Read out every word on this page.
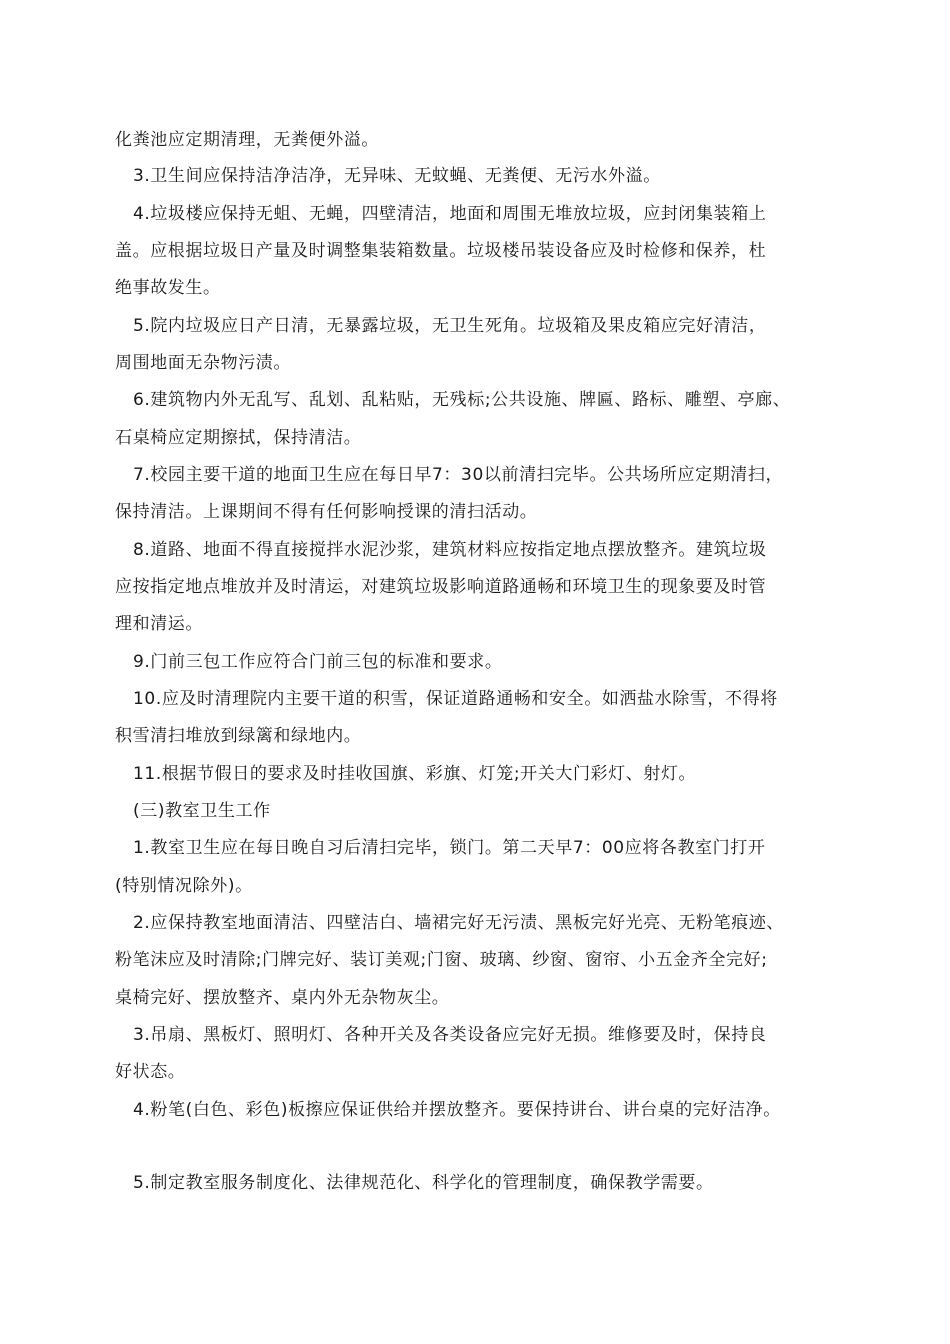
化粪池应定期清理，无粪便外溢。
3.卫生间应保持洁净洁净，无异味、无蚊蝇、无粪便、无污水外溢。
4.垃圾楼应保持无蛆、无蝇，四壁清洁，地面和周围无堆放垃圾，应封闭集装箱上
盖。应根据垃圾日产量及时调整集装箱数量。垃圾楼吊装设备应及时检修和保养，杜
绝事故发生。
5.院内垃圾应日产日清，无暴露垃圾，无卫生死角。垃圾箱及果皮箱应完好清洁，
周围地面无杂物污渍。
6.建筑物内外无乱写、乱划、乱粘贴，无残标;公共设施、牌匾、路标、雕塑、亭廊、
石桌椅应定期擦拭，保持清洁。
7.校园主要干道的地面卫生应在每日早7：30以前清扫完毕。公共场所应定期清扫，
保持清洁。上课期间不得有任何影响授课的清扫活动。
8.道路、地面不得直接搅拌水泥沙浆，建筑材料应按指定地点摆放整齐。建筑垃圾
应按指定地点堆放并及时清运，对建筑垃圾影响道路通畅和环境卫生的现象要及时管
理和清运。
9.门前三包工作应符合门前三包的标准和要求。
10.应及时清理院内主要干道的积雪，保证道路通畅和安全。如洒盐水除雪，不得将
积雪清扫堆放到绿篱和绿地内。
11.根据节假日的要求及时挂收国旗、彩旗、灯笼;开关大门彩灯、射灯。
(三)教室卫生工作
1.教室卫生应在每日晚自习后清扫完毕，锁门。第二天早7：00应将各教室门打开
(特别情况除外)。
2.应保持教室地面清洁、四壁洁白、墙裙完好无污渍、黑板完好光亮、无粉笔痕迹、
粉笔沫应及时清除;门牌完好、装订美观;门窗、玻璃、纱窗、窗帘、小五金齐全完好;
桌椅完好、摆放整齐、桌内外无杂物灰尘。
3.吊扇、黑板灯、照明灯、各种开关及各类设备应完好无损。维修要及时，保持良
好状态。
4.粉笔(白色、彩色)板擦应保证供给并摆放整齐。要保持讲台、讲台桌的完好洁净。
5.制定教室服务制度化、法律规范化、科学化的管理制度，确保教学需要。
